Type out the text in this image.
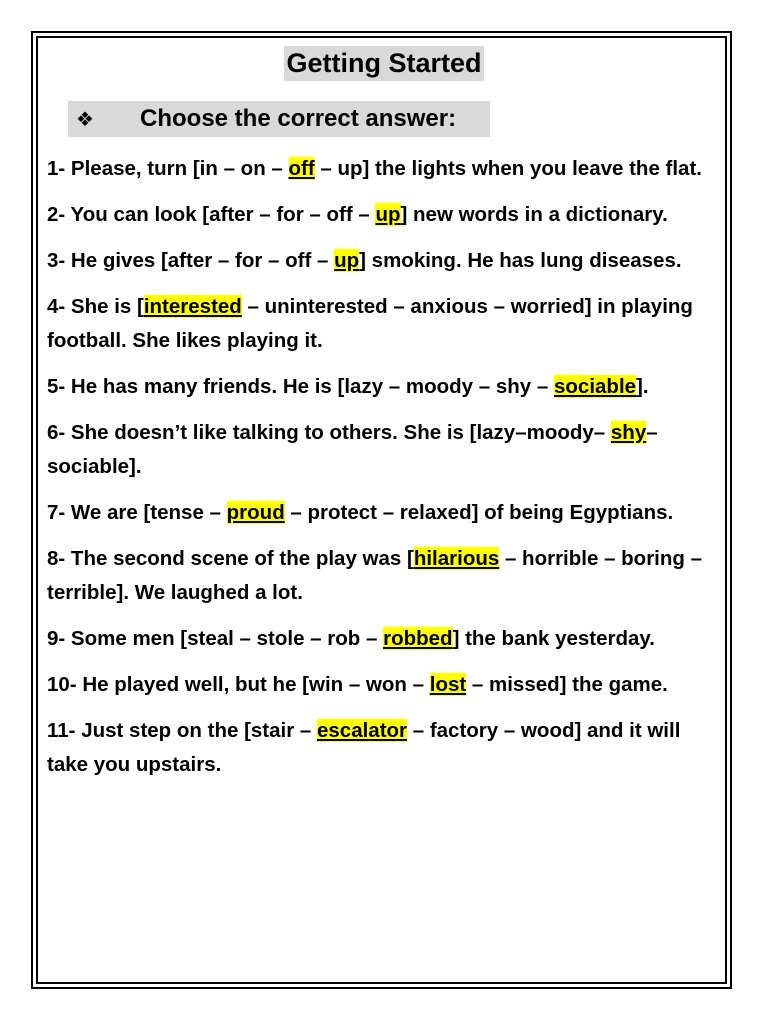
Getting Started
❖ Choose the correct answer:

1- Please, turn [in – on – off – up] the lights when you leave the flat.

2- You can look [after – for – off – up] new words in a dictionary.

3- He gives [after – for – off – up] smoking. He has lung diseases.

4- She is [interested – uninterested – anxious – worried] in playing football. She likes playing it.

5- He has many friends. He is [lazy – moody – shy – sociable].

6- She doesn’t like talking to others. She is [lazy–moody– shy– sociable].

7- We are [tense – proud – protect – relaxed] of being Egyptians.

8- The second scene of the play was [hilarious – horrible – boring – terrible]. We laughed a lot.

9- Some men [steal – stole – rob – robbed] the bank yesterday.

10- He played well, but he [win – won – lost – missed] the game.

11- Just step on the [stair – escalator – factory – wood] and it will take you upstairs.
